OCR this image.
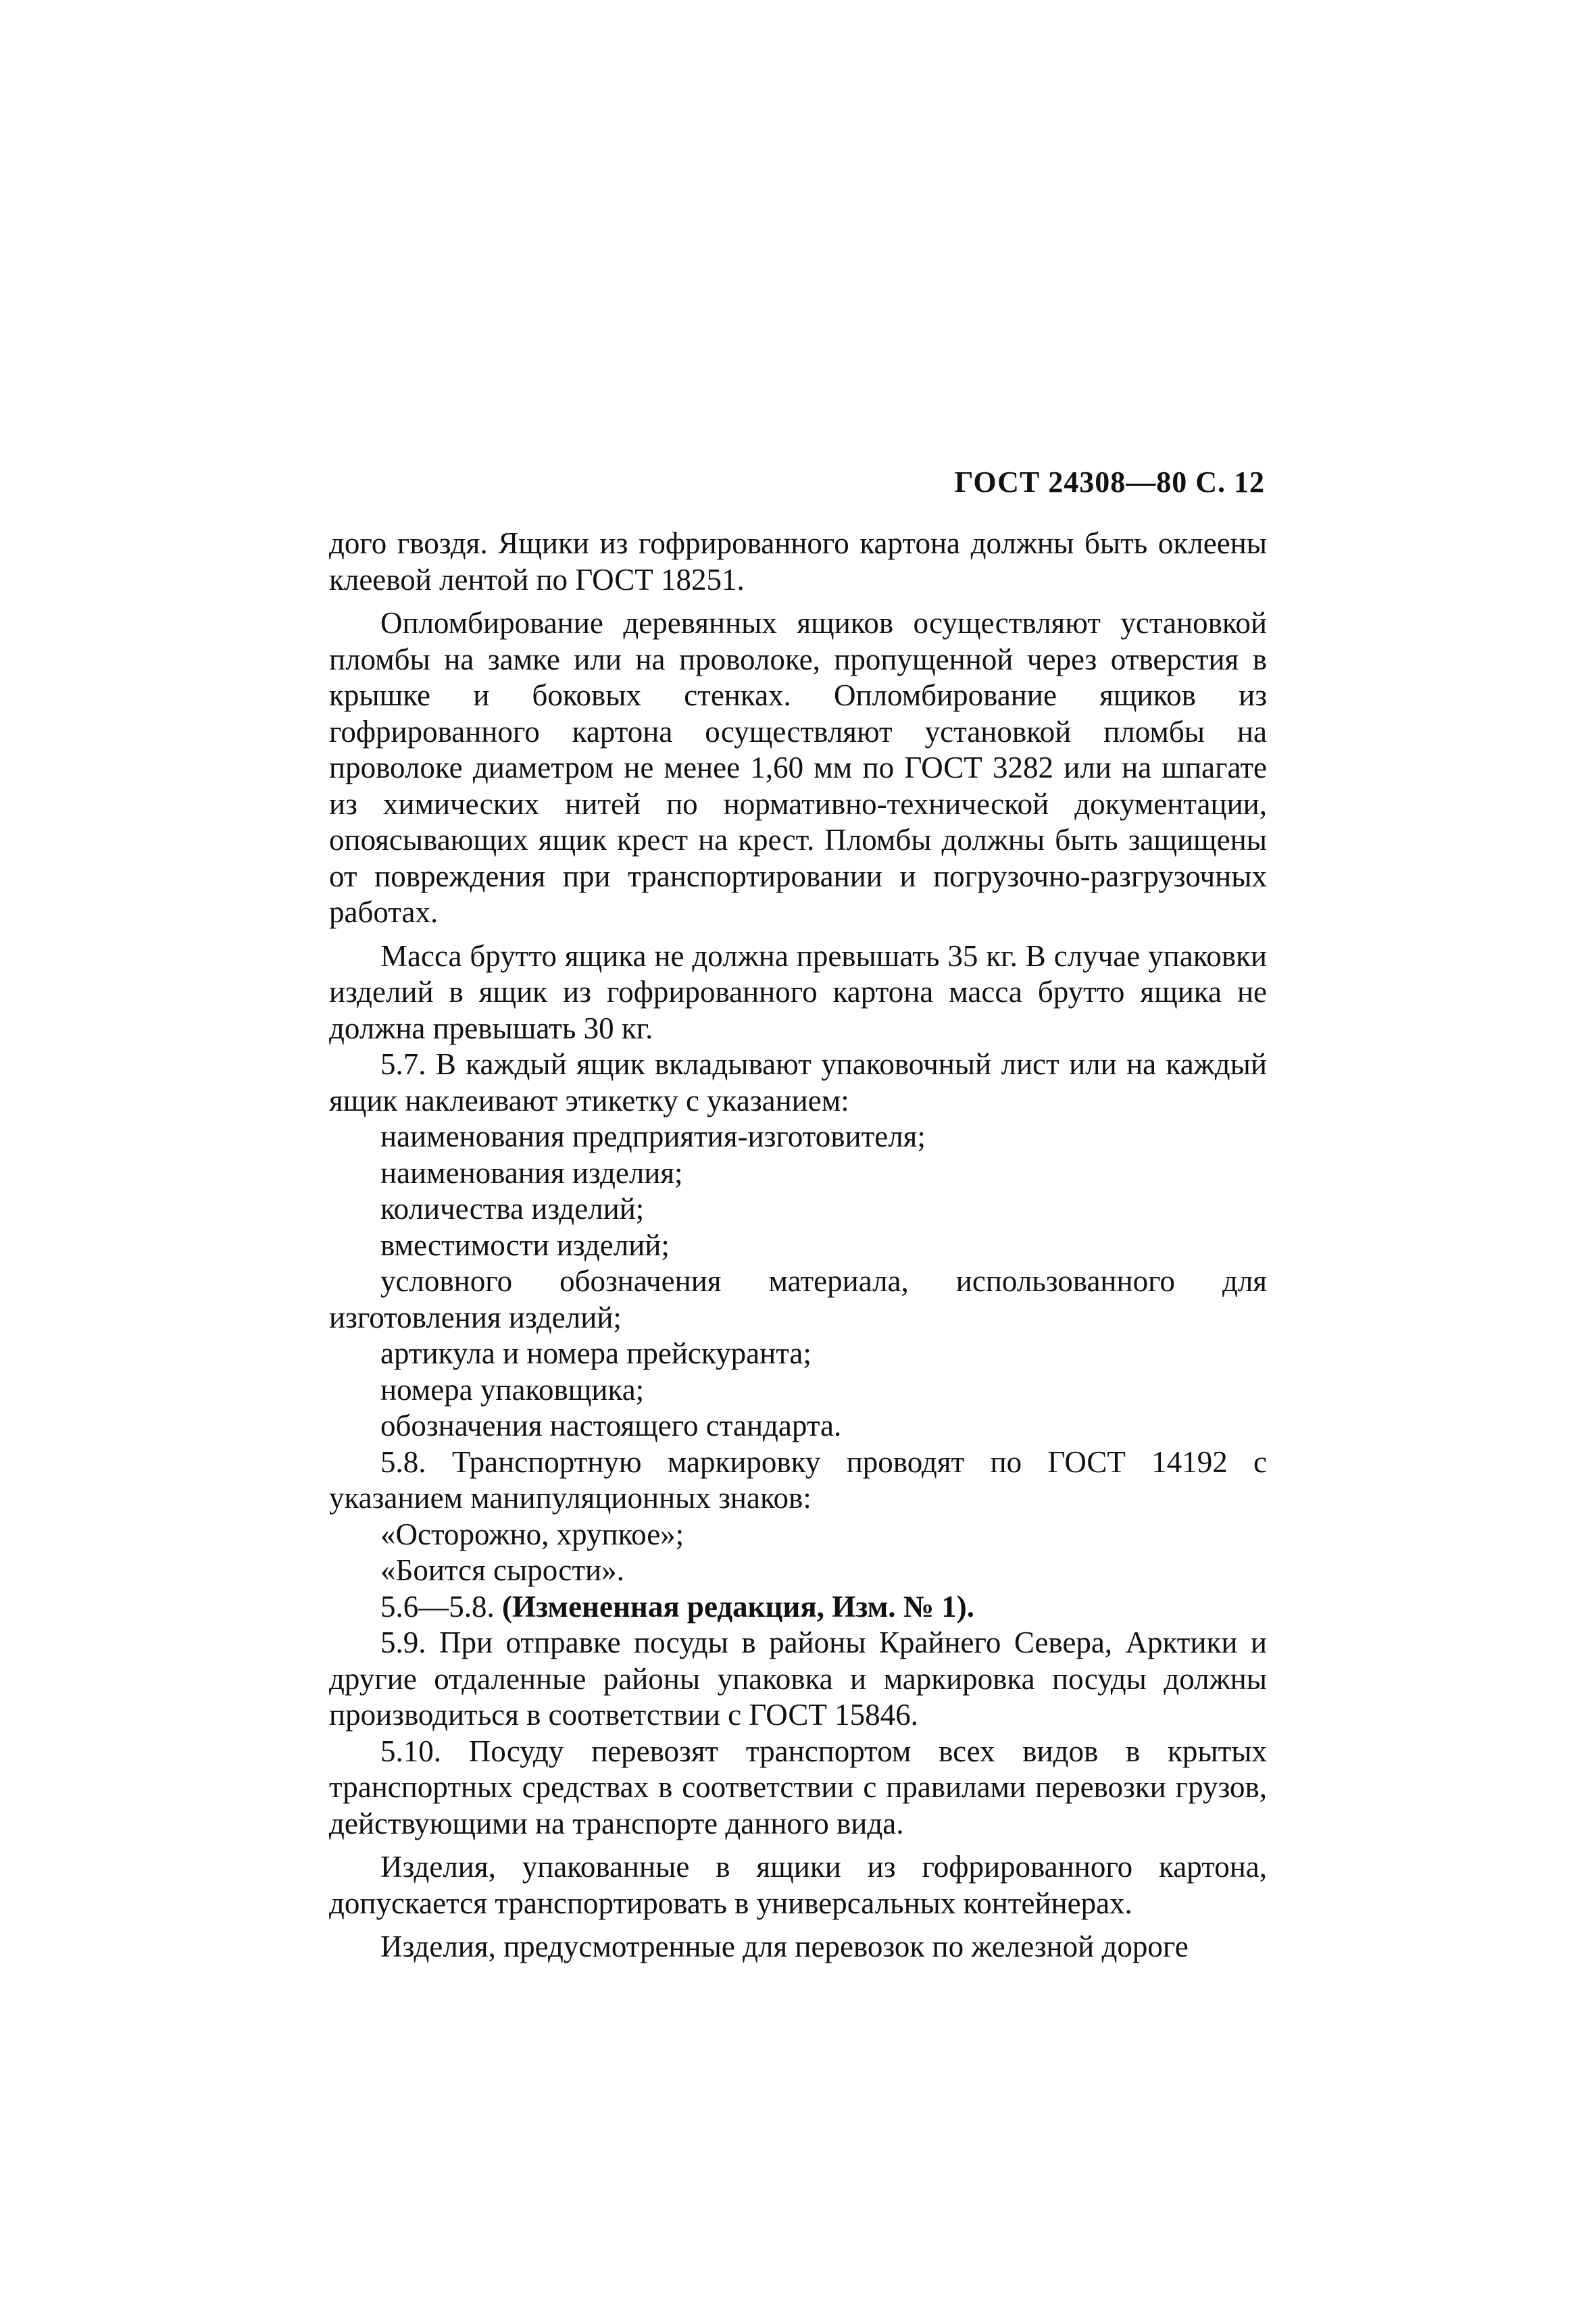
ГОСТ 24308—80 С. 12

дого гвоздя. Ящики из гофрированного картона должны быть оклеены клеевой лентой по ГОСТ 18251.

Опломбирование деревянных ящиков осуществляют установкой пломбы на замке или на проволоке, пропущенной через отверстия в крышке и боковых стенках. Опломбирование ящиков из гофрированного картона осуществляют установкой пломбы на проволоке диаметром не менее 1,60 мм по ГОСТ 3282 или на шпагате из химических нитей по нормативно-технической документации, опоясывающих ящик крест на крест. Пломбы должны быть защищены от повреждения при транспортировании и погрузочно-разгрузочных работах.

Масса брутто ящика не должна превышать 35 кг. В случае упаковки изделий в ящик из гофрированного картона масса брутто ящика не должна превышать 30 кг.

5.7. В каждый ящик вкладывают упаковочный лист или на каждый ящик наклеивают этикетку с указанием:

наименования предприятия-изготовителя;

наименования изделия;

количества изделий;

вместимости изделий;

условного обозначения материала, использованного для изготовления изделий;

артикула и номера прейскуранта;

номера упаковщика;

обозначения настоящего стандарта.

5.8. Транспортную маркировку проводят по ГОСТ 14192 с указанием манипуляционных знаков:

«Осторожно, хрупкое»;

«Боится сырости».

5.6—5.8. (Измененная редакция, Изм. № 1).

5.9. При отправке посуды в районы Крайнего Севера, Арктики и другие отдаленные районы упаковка и маркировка посуды должны производиться в соответствии с ГОСТ 15846.

5.10. Посуду перевозят транспортом всех видов в крытых транспортных средствах в соответствии с правилами перевозки грузов, действующими на транспорте данного вида.

Изделия, упакованные в ящики из гофрированного картона, допускается транспортировать в универсальных контейнерах.

Изделия, предусмотренные для перевозок по железной дороге
